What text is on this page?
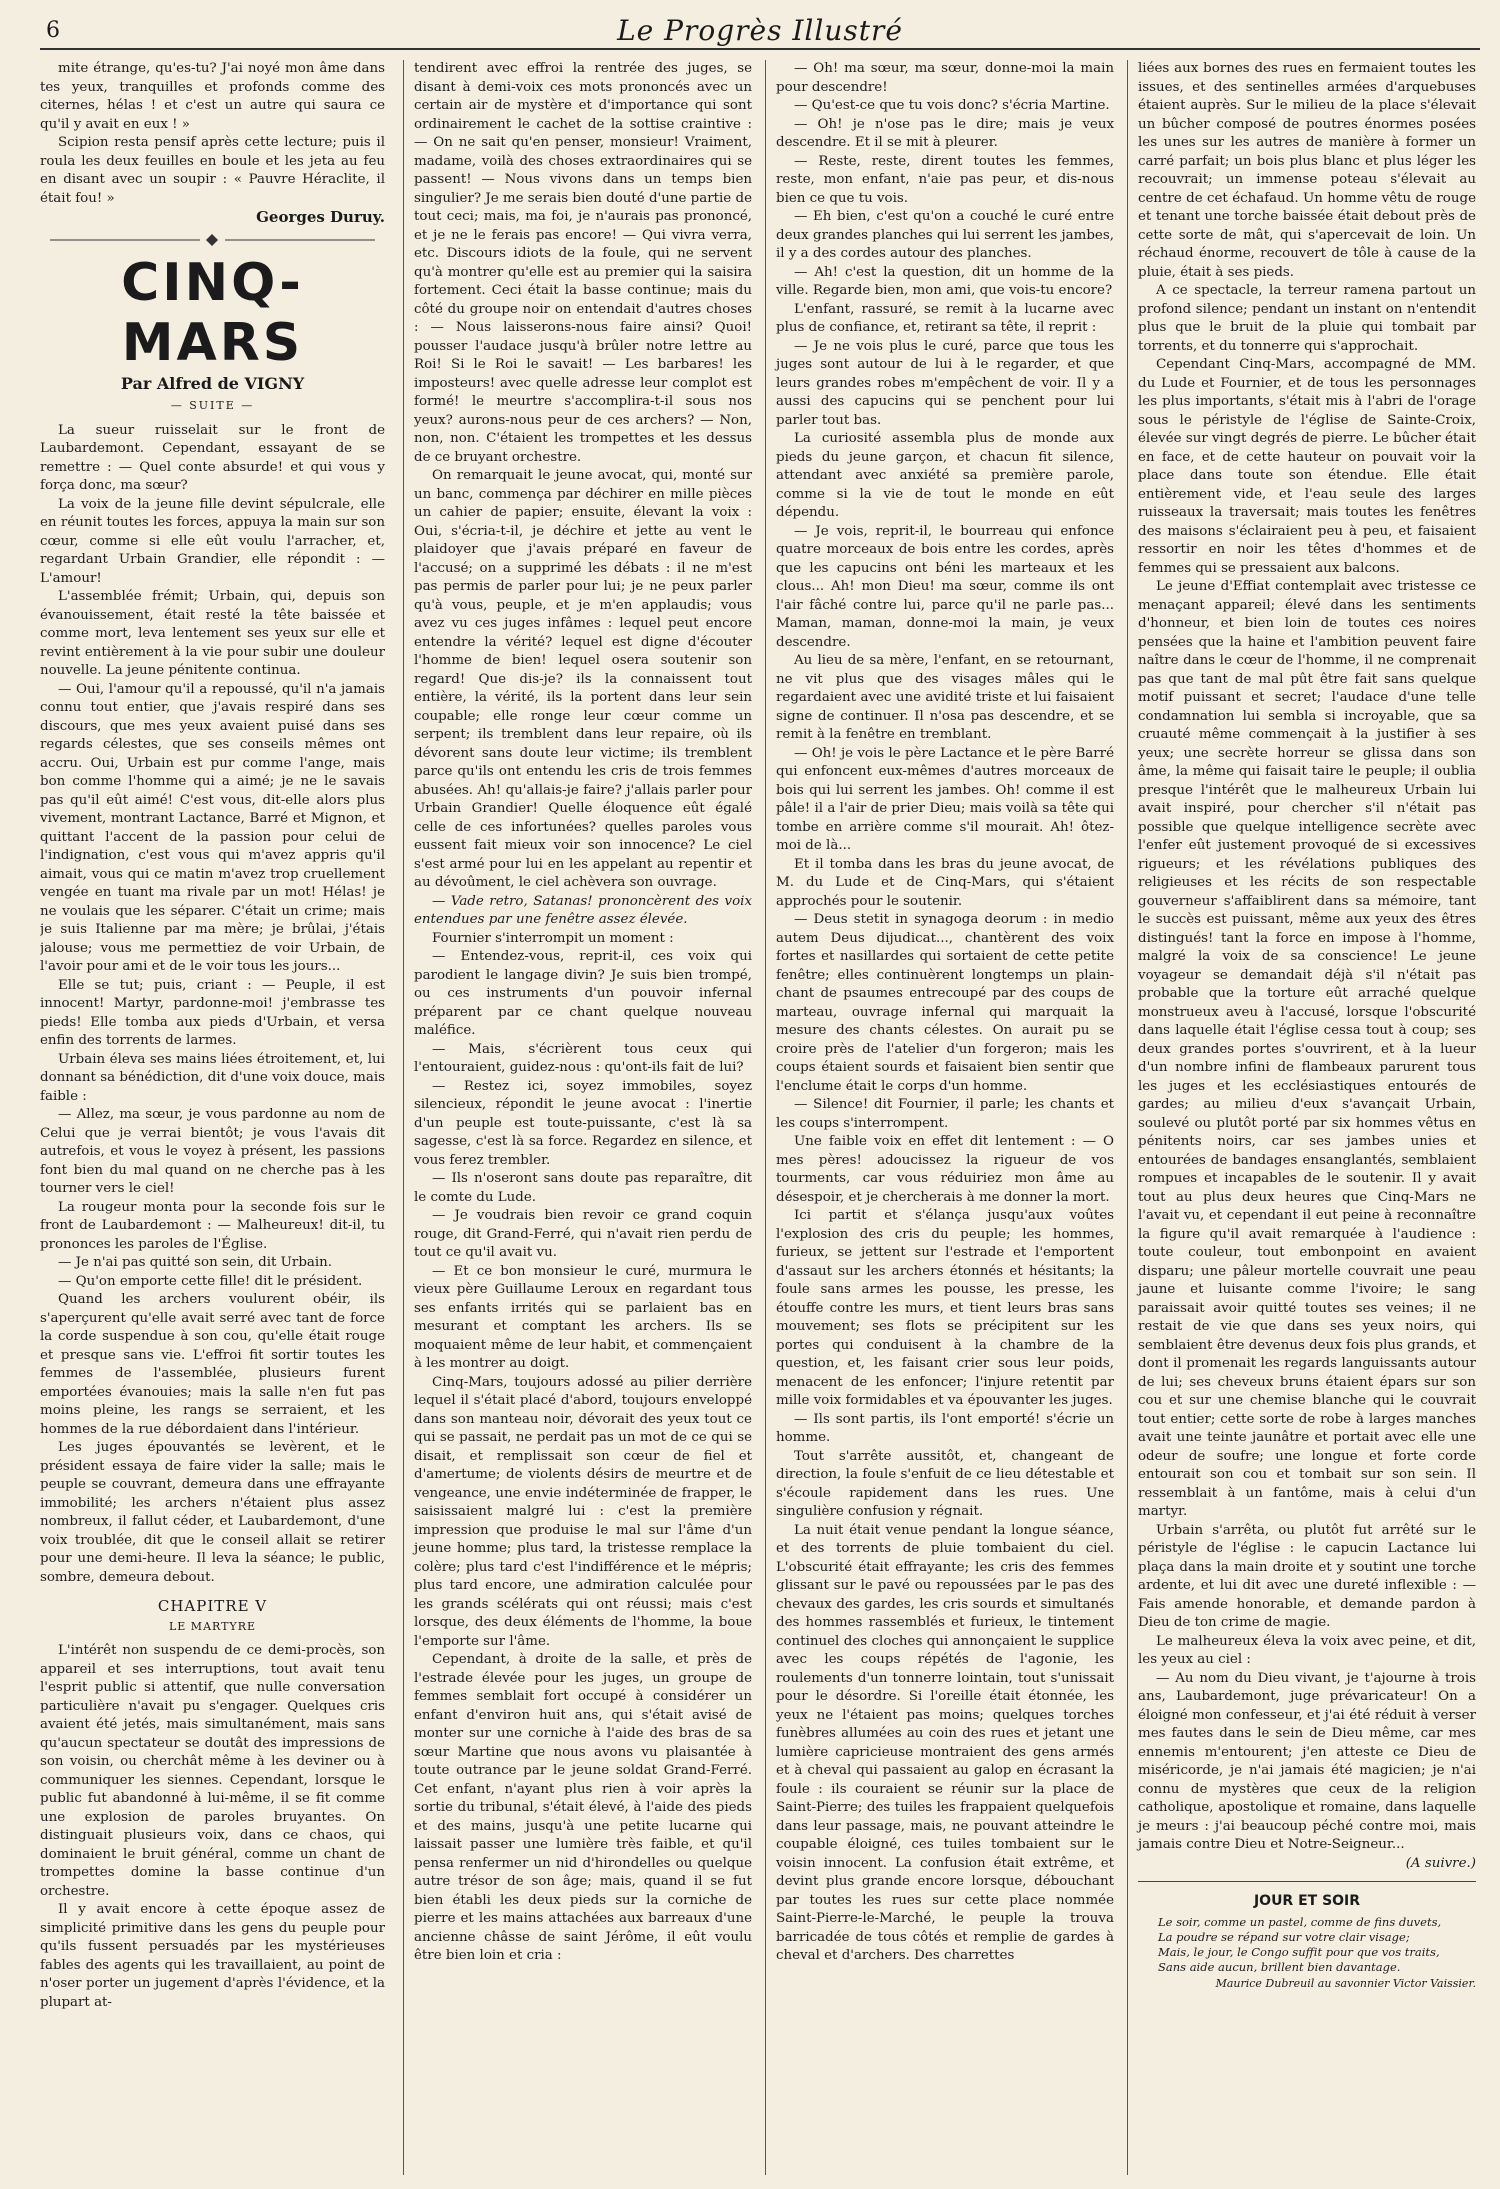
6	Le Progrès Illustré

mite étrange, qu'es-tu? J'ai noyé mon âme dans tes yeux, tranquilles et profonds comme des citernes, hélas ! et c'est un autre qui saura ce qu'il y avait en eux ! »

Scipion resta pensif après cette lecture; puis il roula les deux feuilles en boule et les jeta au feu en disant avec un soupir : « Pauvre Héraclite, il était fou! »

Georges Duruy.

CINQ-MARS
Par Alfred de VIGNY
— SUITE —

La sueur ruisselait sur le front de Laubardemont. Cependant, essayant de se remettre : — Quel conte absurde! et qui vous y força donc, ma sœur?

La voix de la jeune fille devint sépulcrale, elle en réunit toutes les forces, appuya la main sur son cœur, comme si elle eût voulu l'arracher, et, regardant Urbain Grandier, elle répondit : — L'amour!

L'assemblée frémit; Urbain, qui, depuis son évanouissement, était resté la tête baissée et comme mort, leva lentement ses yeux sur elle et revint entièrement à la vie pour subir une douleur nouvelle. La jeune pénitente continua.

— Oui, l'amour qu'il a repoussé, qu'il n'a jamais connu tout entier, que j'avais respiré dans ses discours, que mes yeux avaient puisé dans ses regards célestes, que ses conseils mêmes ont accru. Oui, Urbain est pur comme l'ange, mais bon comme l'homme qui a aimé; je ne le savais pas qu'il eût aimé! C'est vous, dit-elle alors plus vivement, montrant Lactance, Barré et Mignon, et quittant l'accent de la passion pour celui de l'indignation, c'est vous qui m'avez appris qu'il aimait, vous qui ce matin m'avez trop cruellement vengée en tuant ma rivale par un mot! Hélas! je ne voulais que les séparer. C'était un crime; mais je suis Italienne par ma mère; je brûlai, j'étais jalouse; vous me permettiez de voir Urbain, de l'avoir pour ami et de le voir tous les jours...

Elle se tut; puis, criant : — Peuple, il est innocent! Martyr, pardonne-moi! j'embrasse tes pieds! Elle tomba aux pieds d'Urbain, et versa enfin des torrents de larmes.

Urbain éleva ses mains liées étroitement, et, lui donnant sa bénédiction, dit d'une voix douce, mais faible :

— Allez, ma sœur, je vous pardonne au nom de Celui que je verrai bientôt; je vous l'avais dit autrefois, et vous le voyez à présent, les passions font bien du mal quand on ne cherche pas à les tourner vers le ciel!

La rougeur monta pour la seconde fois sur le front de Laubardemont : — Malheureux! dit-il, tu prononces les paroles de l'Église.

— Je n'ai pas quitté son sein, dit Urbain.

— Qu'on emporte cette fille! dit le président.

Quand les archers voulurent obéir, ils s'aperçurent qu'elle avait serré avec tant de force la corde suspendue à son cou, qu'elle était rouge et presque sans vie. L'effroi fit sortir toutes les femmes de l'assemblée, plusieurs furent emportées évanouies; mais la salle n'en fut pas moins pleine, les rangs se serraient, et les hommes de la rue débordaient dans l'intérieur.

Les juges épouvantés se levèrent, et le président essaya de faire vider la salle; mais le peuple se couvrant, demeura dans une effrayante immobilité; les archers n'étaient plus assez nombreux, il fallut céder, et Laubardemont, d'une voix troublée, dit que le conseil allait se retirer pour une demi-heure. Il leva la séance; le public, sombre, demeura debout.

CHAPITRE V
LE MARTYRE

L'intérêt non suspendu de ce demi-procès, son appareil et ses interruptions, tout avait tenu l'esprit public si attentif, que nulle conversation particulière n'avait pu s'engager. Quelques cris avaient été jetés, mais simultanément, mais sans qu'aucun spectateur se doutât des impressions de son voisin, ou cherchât même à les deviner ou à communiquer les siennes. Cependant, lorsque le public fut abandonné à lui-même, il se fit comme une explosion de paroles bruyantes. On distinguait plusieurs voix, dans ce chaos, qui dominaient le bruit général, comme un chant de trompettes domine la basse continue d'un orchestre.

Il y avait encore à cette époque assez de simplicité primitive dans les gens du peuple pour qu'ils fussent persuadés par les mystérieuses fables des agents qui les travaillaient, au point de n'oser porter un jugement d'après l'évidence, et la plupart at-

tendirent avec effroi la rentrée des juges, se disant à demi-voix ces mots prononcés avec un certain air de mystère et d'importance qui sont ordinairement le cachet de la sottise craintive : — On ne sait qu'en penser, monsieur! Vraiment, madame, voilà des choses extraordinaires qui se passent! — Nous vivons dans un temps bien singulier? Je me serais bien douté d'une partie de tout ceci; mais, ma foi, je n'aurais pas prononcé, et je ne le ferais pas encore! — Qui vivra verra, etc. Discours idiots de la foule, qui ne servent qu'à montrer qu'elle est au premier qui la saisira fortement. Ceci était la basse continue; mais du côté du groupe noir on entendait d'autres choses : — Nous laisserons-nous faire ainsi? Quoi! pousser l'audace jusqu'à brûler notre lettre au Roi! Si le Roi le savait! — Les barbares! les imposteurs! avec quelle adresse leur complot est formé! le meurtre s'accomplira-t-il sous nos yeux? aurons-nous peur de ces archers? — Non, non, non. C'étaient les trompettes et les dessus de ce bruyant orchestre.

On remarquait le jeune avocat, qui, monté sur un banc, commença par déchirer en mille pièces un cahier de papier; ensuite, élevant la voix : Oui, s'écria-t-il, je déchire et jette au vent le plaidoyer que j'avais préparé en faveur de l'accusé; on a supprimé les débats : il ne m'est pas permis de parler pour lui; je ne peux parler qu'à vous, peuple, et je m'en applaudis; vous avez vu ces juges infâmes : lequel peut encore entendre la vérité? lequel est digne d'écouter l'homme de bien! lequel osera soutenir son regard! Que dis-je? ils la connaissent tout entière, la vérité, ils la portent dans leur sein coupable; elle ronge leur cœur comme un serpent; ils tremblent dans leur repaire, où ils dévorent sans doute leur victime; ils tremblent parce qu'ils ont entendu les cris de trois femmes abusées. Ah! qu'allais-je faire? j'allais parler pour Urbain Grandier! Quelle éloquence eût égalé celle de ces infortunées? quelles paroles vous eussent fait mieux voir son innocence? Le ciel s'est armé pour lui en les appelant au repentir et au dévoûment, le ciel achèvera son ouvrage.

— Vade retro, Satanas! prononcèrent des voix entendues par une fenêtre assez élevée.

Fournier s'interrompit un moment :

— Entendez-vous, reprit-il, ces voix qui parodient le langage divin? Je suis bien trompé, ou ces instruments d'un pouvoir infernal préparent par ce chant quelque nouveau maléfice.

— Mais, s'écrièrent tous ceux qui l'entouraient, guidez-nous : qu'ont-ils fait de lui?

— Restez ici, soyez immobiles, soyez silencieux, répondit le jeune avocat : l'inertie d'un peuple est toute-puissante, c'est là sa sagesse, c'est là sa force. Regardez en silence, et vous ferez trembler.

— Ils n'oseront sans doute pas reparaître, dit le comte du Lude.

— Je voudrais bien revoir ce grand coquin rouge, dit Grand-Ferré, qui n'avait rien perdu de tout ce qu'il avait vu.

— Et ce bon monsieur le curé, murmura le vieux père Guillaume Leroux en regardant tous ses enfants irrités qui se parlaient bas en mesurant et comptant les archers. Ils se moquaient même de leur habit, et commençaient à les montrer au doigt.

Cinq-Mars, toujours adossé au pilier derrière lequel il s'était placé d'abord, toujours enveloppé dans son manteau noir, dévorait des yeux tout ce qui se passait, ne perdait pas un mot de ce qui se disait, et remplissait son cœur de fiel et d'amertume; de violents désirs de meurtre et de vengeance, une envie indéterminée de frapper, le saisissaient malgré lui : c'est la première impression que produise le mal sur l'âme d'un jeune homme; plus tard, la tristesse remplace la colère; plus tard c'est l'indifférence et le mépris; plus tard encore, une admiration calculée pour les grands scélérats qui ont réussi; mais c'est lorsque, des deux éléments de l'homme, la boue l'emporte sur l'âme.

Cependant, à droite de la salle, et près de l'estrade élevée pour les juges, un groupe de femmes semblait fort occupé à considérer un enfant d'environ huit ans, qui s'était avisé de monter sur une corniche à l'aide des bras de sa sœur Martine que nous avons vu plaisantée à toute outrance par le jeune soldat Grand-Ferré. Cet enfant, n'ayant plus rien à voir après la sortie du tribunal, s'était élevé, à l'aide des pieds et des mains, jusqu'à une petite lucarne qui laissait passer une lumière très faible, et qu'il pensa renfermer un nid d'hirondelles ou quelque autre trésor de son âge; mais, quand il se fut bien établi les deux pieds sur la corniche de pierre et les mains attachées aux barreaux d'une ancienne châsse de saint Jérôme, il eût voulu être bien loin et cria :

— Oh! ma sœur, ma sœur, donne-moi la main pour descendre!

— Qu'est-ce que tu vois donc? s'écria Martine.

— Oh! je n'ose pas le dire; mais je veux descendre. Et il se mit à pleurer.

— Reste, reste, dirent toutes les femmes, reste, mon enfant, n'aie pas peur, et dis-nous bien ce que tu vois.

— Eh bien, c'est qu'on a couché le curé entre deux grandes planches qui lui serrent les jambes, il y a des cordes autour des planches.

— Ah! c'est la question, dit un homme de la ville. Regarde bien, mon ami, que vois-tu encore?

L'enfant, rassuré, se remit à la lucarne avec plus de confiance, et, retirant sa tête, il reprit :

— Je ne vois plus le curé, parce que tous les juges sont autour de lui à le regarder, et que leurs grandes robes m'empêchent de voir. Il y a aussi des capucins qui se penchent pour lui parler tout bas.

La curiosité assembla plus de monde aux pieds du jeune garçon, et chacun fit silence, attendant avec anxiété sa première parole, comme si la vie de tout le monde en eût dépendu.

— Je vois, reprit-il, le bourreau qui enfonce quatre morceaux de bois entre les cordes, après que les capucins ont béni les marteaux et les clous... Ah! mon Dieu! ma sœur, comme ils ont l'air fâché contre lui, parce qu'il ne parle pas... Maman, maman, donne-moi la main, je veux descendre.

Au lieu de sa mère, l'enfant, en se retournant, ne vit plus que des visages mâles qui le regardaient avec une avidité triste et lui faisaient signe de continuer. Il n'osa pas descendre, et se remit à la fenêtre en tremblant.

— Oh! je vois le père Lactance et le père Barré qui enfoncent eux-mêmes d'autres morceaux de bois qui lui serrent les jambes. Oh! comme il est pâle! il a l'air de prier Dieu; mais voilà sa tête qui tombe en arrière comme s'il mourait. Ah! ôtez-moi de là...

Et il tomba dans les bras du jeune avocat, de M. du Lude et de Cinq-Mars, qui s'étaient approchés pour le soutenir.

— Deus stetit in synagoga deorum : in medio autem Deus dijudicat..., chantèrent des voix fortes et nasillardes qui sortaient de cette petite fenêtre; elles continuèrent longtemps un plain-chant de psaumes entrecoupé par des coups de marteau, ouvrage infernal qui marquait la mesure des chants célestes. On aurait pu se croire près de l'atelier d'un forgeron; mais les coups étaient sourds et faisaient bien sentir que l'enclume était le corps d'un homme.

— Silence! dit Fournier, il parle; les chants et les coups s'interrompent.

Une faible voix en effet dit lentement : — O mes pères! adoucissez la rigueur de vos tourments, car vous réduiriez mon âme au désespoir, et je chercherais à me donner la mort.

Ici partit et s'élança jusqu'aux voûtes l'explosion des cris du peuple; les hommes, furieux, se jettent sur l'estrade et l'emportent d'assaut sur les archers étonnés et hésitants; la foule sans armes les pousse, les presse, les étouffe contre les murs, et tient leurs bras sans mouvement; ses flots se précipitent sur les portes qui conduisent à la chambre de la question, et, les faisant crier sous leur poids, menacent de les enfoncer; l'injure retentit par mille voix formidables et va épouvanter les juges.

— Ils sont partis, ils l'ont emporté! s'écrie un homme.

Tout s'arrête aussitôt, et, changeant de direction, la foule s'enfuit de ce lieu détestable et s'écoule rapidement dans les rues. Une singulière confusion y régnait.

La nuit était venue pendant la longue séance, et des torrents de pluie tombaient du ciel. L'obscurité était effrayante; les cris des femmes glissant sur le pavé ou repoussées par le pas des chevaux des gardes, les cris sourds et simultanés des hommes rassemblés et furieux, le tintement continuel des cloches qui annonçaient le supplice avec les coups répétés de l'agonie, les roulements d'un tonnerre lointain, tout s'unissait pour le désordre. Si l'oreille était étonnée, les yeux ne l'étaient pas moins; quelques torches funèbres allumées au coin des rues et jetant une lumière capricieuse montraient des gens armés et à cheval qui passaient au galop en écrasant la foule : ils couraient se réunir sur la place de Saint-Pierre; des tuiles les frappaient quelquefois dans leur passage, mais, ne pouvant atteindre le coupable éloigné, ces tuiles tombaient sur le voisin innocent. La confusion était extrême, et devint plus grande encore lorsque, débouchant par toutes les rues sur cette place nommée Saint-Pierre-le-Marché, le peuple la trouva barricadée de tous côtés et remplie de gardes à cheval et d'archers. Des charrettes

liées aux bornes des rues en fermaient toutes les issues, et des sentinelles armées d'arquebuses étaient auprès. Sur le milieu de la place s'élevait un bûcher composé de poutres énormes posées les unes sur les autres de manière à former un carré parfait; un bois plus blanc et plus léger les recouvrait; un immense poteau s'élevait au centre de cet échafaud. Un homme vêtu de rouge et tenant une torche baissée était debout près de cette sorte de mât, qui s'apercevait de loin. Un réchaud énorme, recouvert de tôle à cause de la pluie, était à ses pieds.

A ce spectacle, la terreur ramena partout un profond silence; pendant un instant on n'entendit plus que le bruit de la pluie qui tombait par torrents, et du tonnerre qui s'approchait.

Cependant Cinq-Mars, accompagné de MM. du Lude et Fournier, et de tous les personnages les plus importants, s'était mis à l'abri de l'orage sous le péristyle de l'église de Sainte-Croix, élevée sur vingt degrés de pierre. Le bûcher était en face, et de cette hauteur on pouvait voir la place dans toute son étendue. Elle était entièrement vide, et l'eau seule des larges ruisseaux la traversait; mais toutes les fenêtres des maisons s'éclairaient peu à peu, et faisaient ressortir en noir les têtes d'hommes et de femmes qui se pressaient aux balcons.

Le jeune d'Effiat contemplait avec tristesse ce menaçant appareil; élevé dans les sentiments d'honneur, et bien loin de toutes ces noires pensées que la haine et l'ambition peuvent faire naître dans le cœur de l'homme, il ne comprenait pas que tant de mal pût être fait sans quelque motif puissant et secret; l'audace d'une telle condamnation lui sembla si incroyable, que sa cruauté même commençait à la justifier à ses yeux; une secrète horreur se glissa dans son âme, la même qui faisait taire le peuple; il oublia presque l'intérêt que le malheureux Urbain lui avait inspiré, pour chercher s'il n'était pas possible que quelque intelligence secrète avec l'enfer eût justement provoqué de si excessives rigueurs; et les révélations publiques des religieuses et les récits de son respectable gouverneur s'affaiblirent dans sa mémoire, tant le succès est puissant, même aux yeux des êtres distingués! tant la force en impose à l'homme, malgré la voix de sa conscience! Le jeune voyageur se demandait déjà s'il n'était pas probable que la torture eût arraché quelque monstrueux aveu à l'accusé, lorsque l'obscurité dans laquelle était l'église cessa tout à coup; ses deux grandes portes s'ouvrirent, et à la lueur d'un nombre infini de flambeaux parurent tous les juges et les ecclésiastiques entourés de gardes; au milieu d'eux s'avançait Urbain, soulevé ou plutôt porté par six hommes vêtus en pénitents noirs, car ses jambes unies et entourées de bandages ensanglantés, semblaient rompues et incapables de le soutenir. Il y avait tout au plus deux heures que Cinq-Mars ne l'avait vu, et cependant il eut peine à reconnaître la figure qu'il avait remarquée à l'audience : toute couleur, tout embonpoint en avaient disparu; une pâleur mortelle couvrait une peau jaune et luisante comme l'ivoire; le sang paraissait avoir quitté toutes ses veines; il ne restait de vie que dans ses yeux noirs, qui semblaient être devenus deux fois plus grands, et dont il promenait les regards languissants autour de lui; ses cheveux bruns étaient épars sur son cou et sur une chemise blanche qui le couvrait tout entier; cette sorte de robe à larges manches avait une teinte jaunâtre et portait avec elle une odeur de soufre; une longue et forte corde entourait son cou et tombait sur son sein. Il ressemblait à un fantôme, mais à celui d'un martyr.

Urbain s'arrêta, ou plutôt fut arrêté sur le péristyle de l'église : le capucin Lactance lui plaça dans la main droite et y soutint une torche ardente, et lui dit avec une dureté inflexible : — Fais amende honorable, et demande pardon à Dieu de ton crime de magie.

Le malheureux éleva la voix avec peine, et dit, les yeux au ciel :

— Au nom du Dieu vivant, je t'ajourne à trois ans, Laubardemont, juge prévaricateur! On a éloigné mon confesseur, et j'ai été réduit à verser mes fautes dans le sein de Dieu même, car mes ennemis m'entourent; j'en atteste ce Dieu de miséricorde, je n'ai jamais été magicien; je n'ai connu de mystères que ceux de la religion catholique, apostolique et romaine, dans laquelle je meurs : j'ai beaucoup péché contre moi, mais jamais contre Dieu et Notre-Seigneur...

(A suivre.)

JOUR ET SOIR

Le soir, comme un pastel, comme de fins duvets,

La poudre se répand sur votre clair visage;

Mais, le jour, le Congo suffit pour que vos traits,

Sans aide aucun, brillent bien davantage.

Maurice Dubreuil au savonnier Victor Vaissier.
